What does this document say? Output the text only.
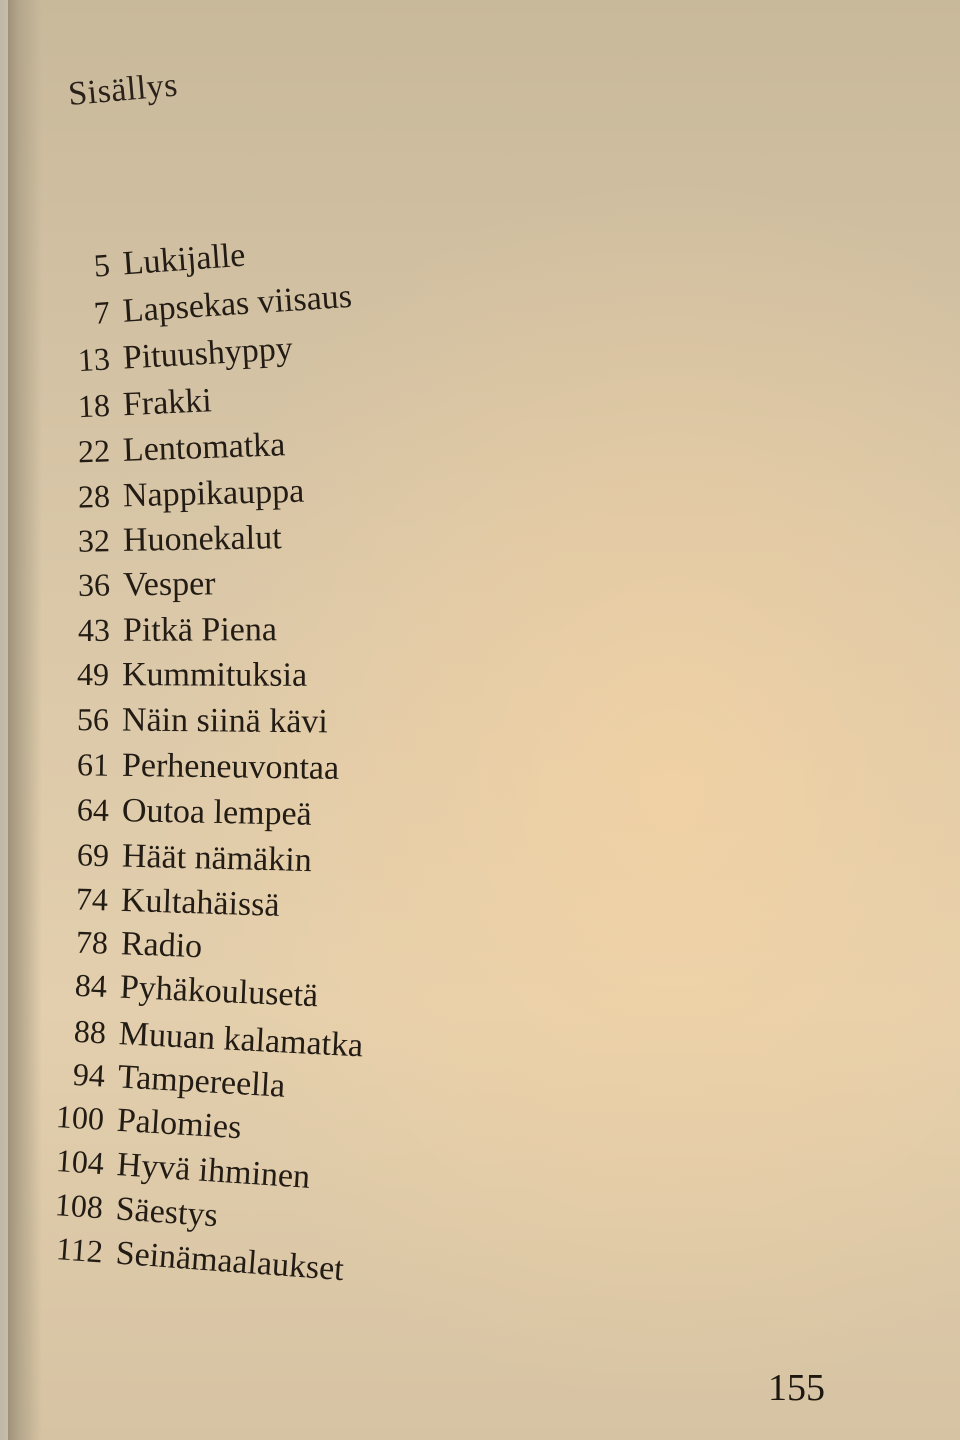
Sisällys
5 Lukijalle
7 Lapsekas viisaus
13 Pituushyppy
18 Frakki
22 Lentomatka
28 Nappikauppa
32 Huonekalut
36 Vesper
43 Pitkä Piena
49 Kummituksia
56 Näin siinä kävi
61 Perheneuvontaa
64 Outoa lempeä
69 Häät nämäkin
74 Kultahäissä
78 Radio
84 Pyhäkoulusetä
88 Muuan kalamatka
94 Tampereella
100 Palomies
104 Hyvä ihminen
108 Säestys
112 Seinämaalaukset
155
